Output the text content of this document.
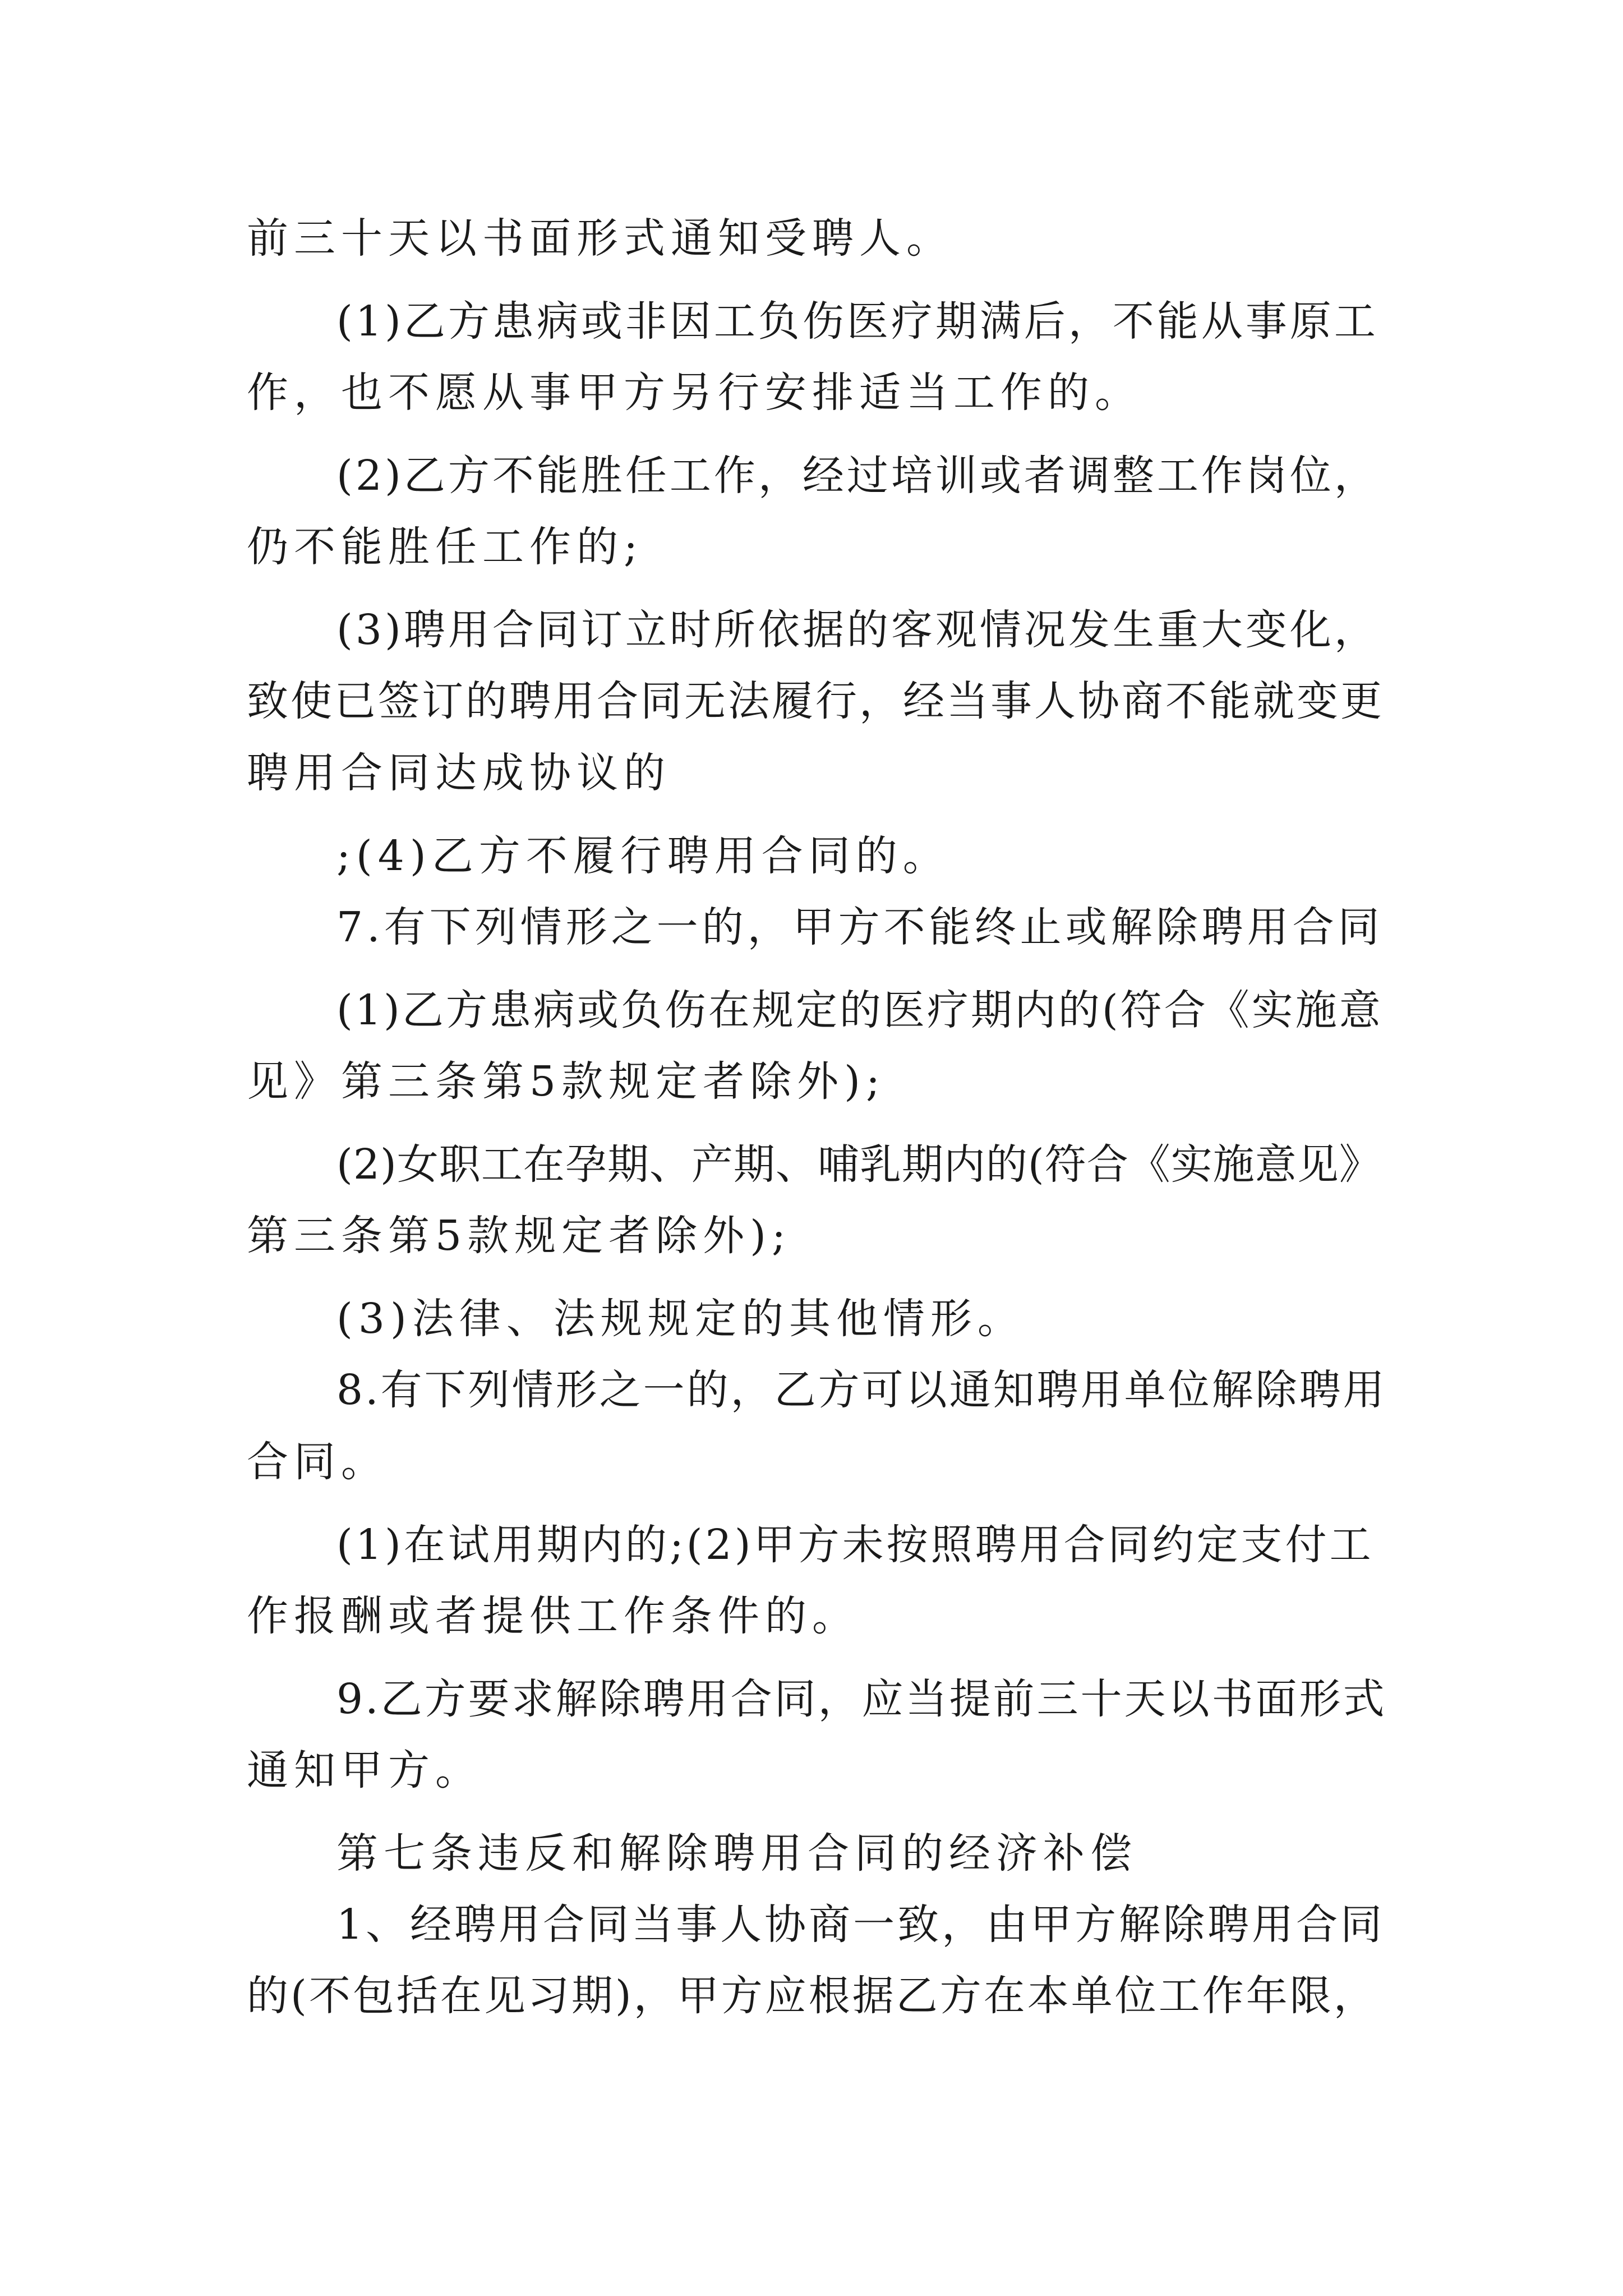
前三十天以书面形式通知受聘人。
(1)乙方患病或非因工负伤医疗期满后，不能从事原工
作，也不愿从事甲方另行安排适当工作的。
(2)乙方不能胜任工作，经过培训或者调整工作岗位，
仍不能胜任工作的;
(3)聘用合同订立时所依据的客观情况发生重大变化，
致使已签订的聘用合同无法履行，经当事人协商不能就变更
聘用合同达成协议的
;(4)乙方不履行聘用合同的。
7.有下列情形之一的，甲方不能终止或解除聘用合同
(1)乙方患病或负伤在规定的医疗期内的(符合《实施意
见》第三条第5款规定者除外);
(2)女职工在孕期、产期、哺乳期内的(符合《实施意见》
第三条第5款规定者除外);
(3)法律、法规规定的其他情形。
8.有下列情形之一的，乙方可以通知聘用单位解除聘用
合同。
(1)在试用期内的;(2)甲方未按照聘用合同约定支付工
作报酬或者提供工作条件的。
9.乙方要求解除聘用合同，应当提前三十天以书面形式
通知甲方。
第七条违反和解除聘用合同的经济补偿
1、经聘用合同当事人协商一致，由甲方解除聘用合同
的(不包括在见习期)，甲方应根据乙方在本单位工作年限，
